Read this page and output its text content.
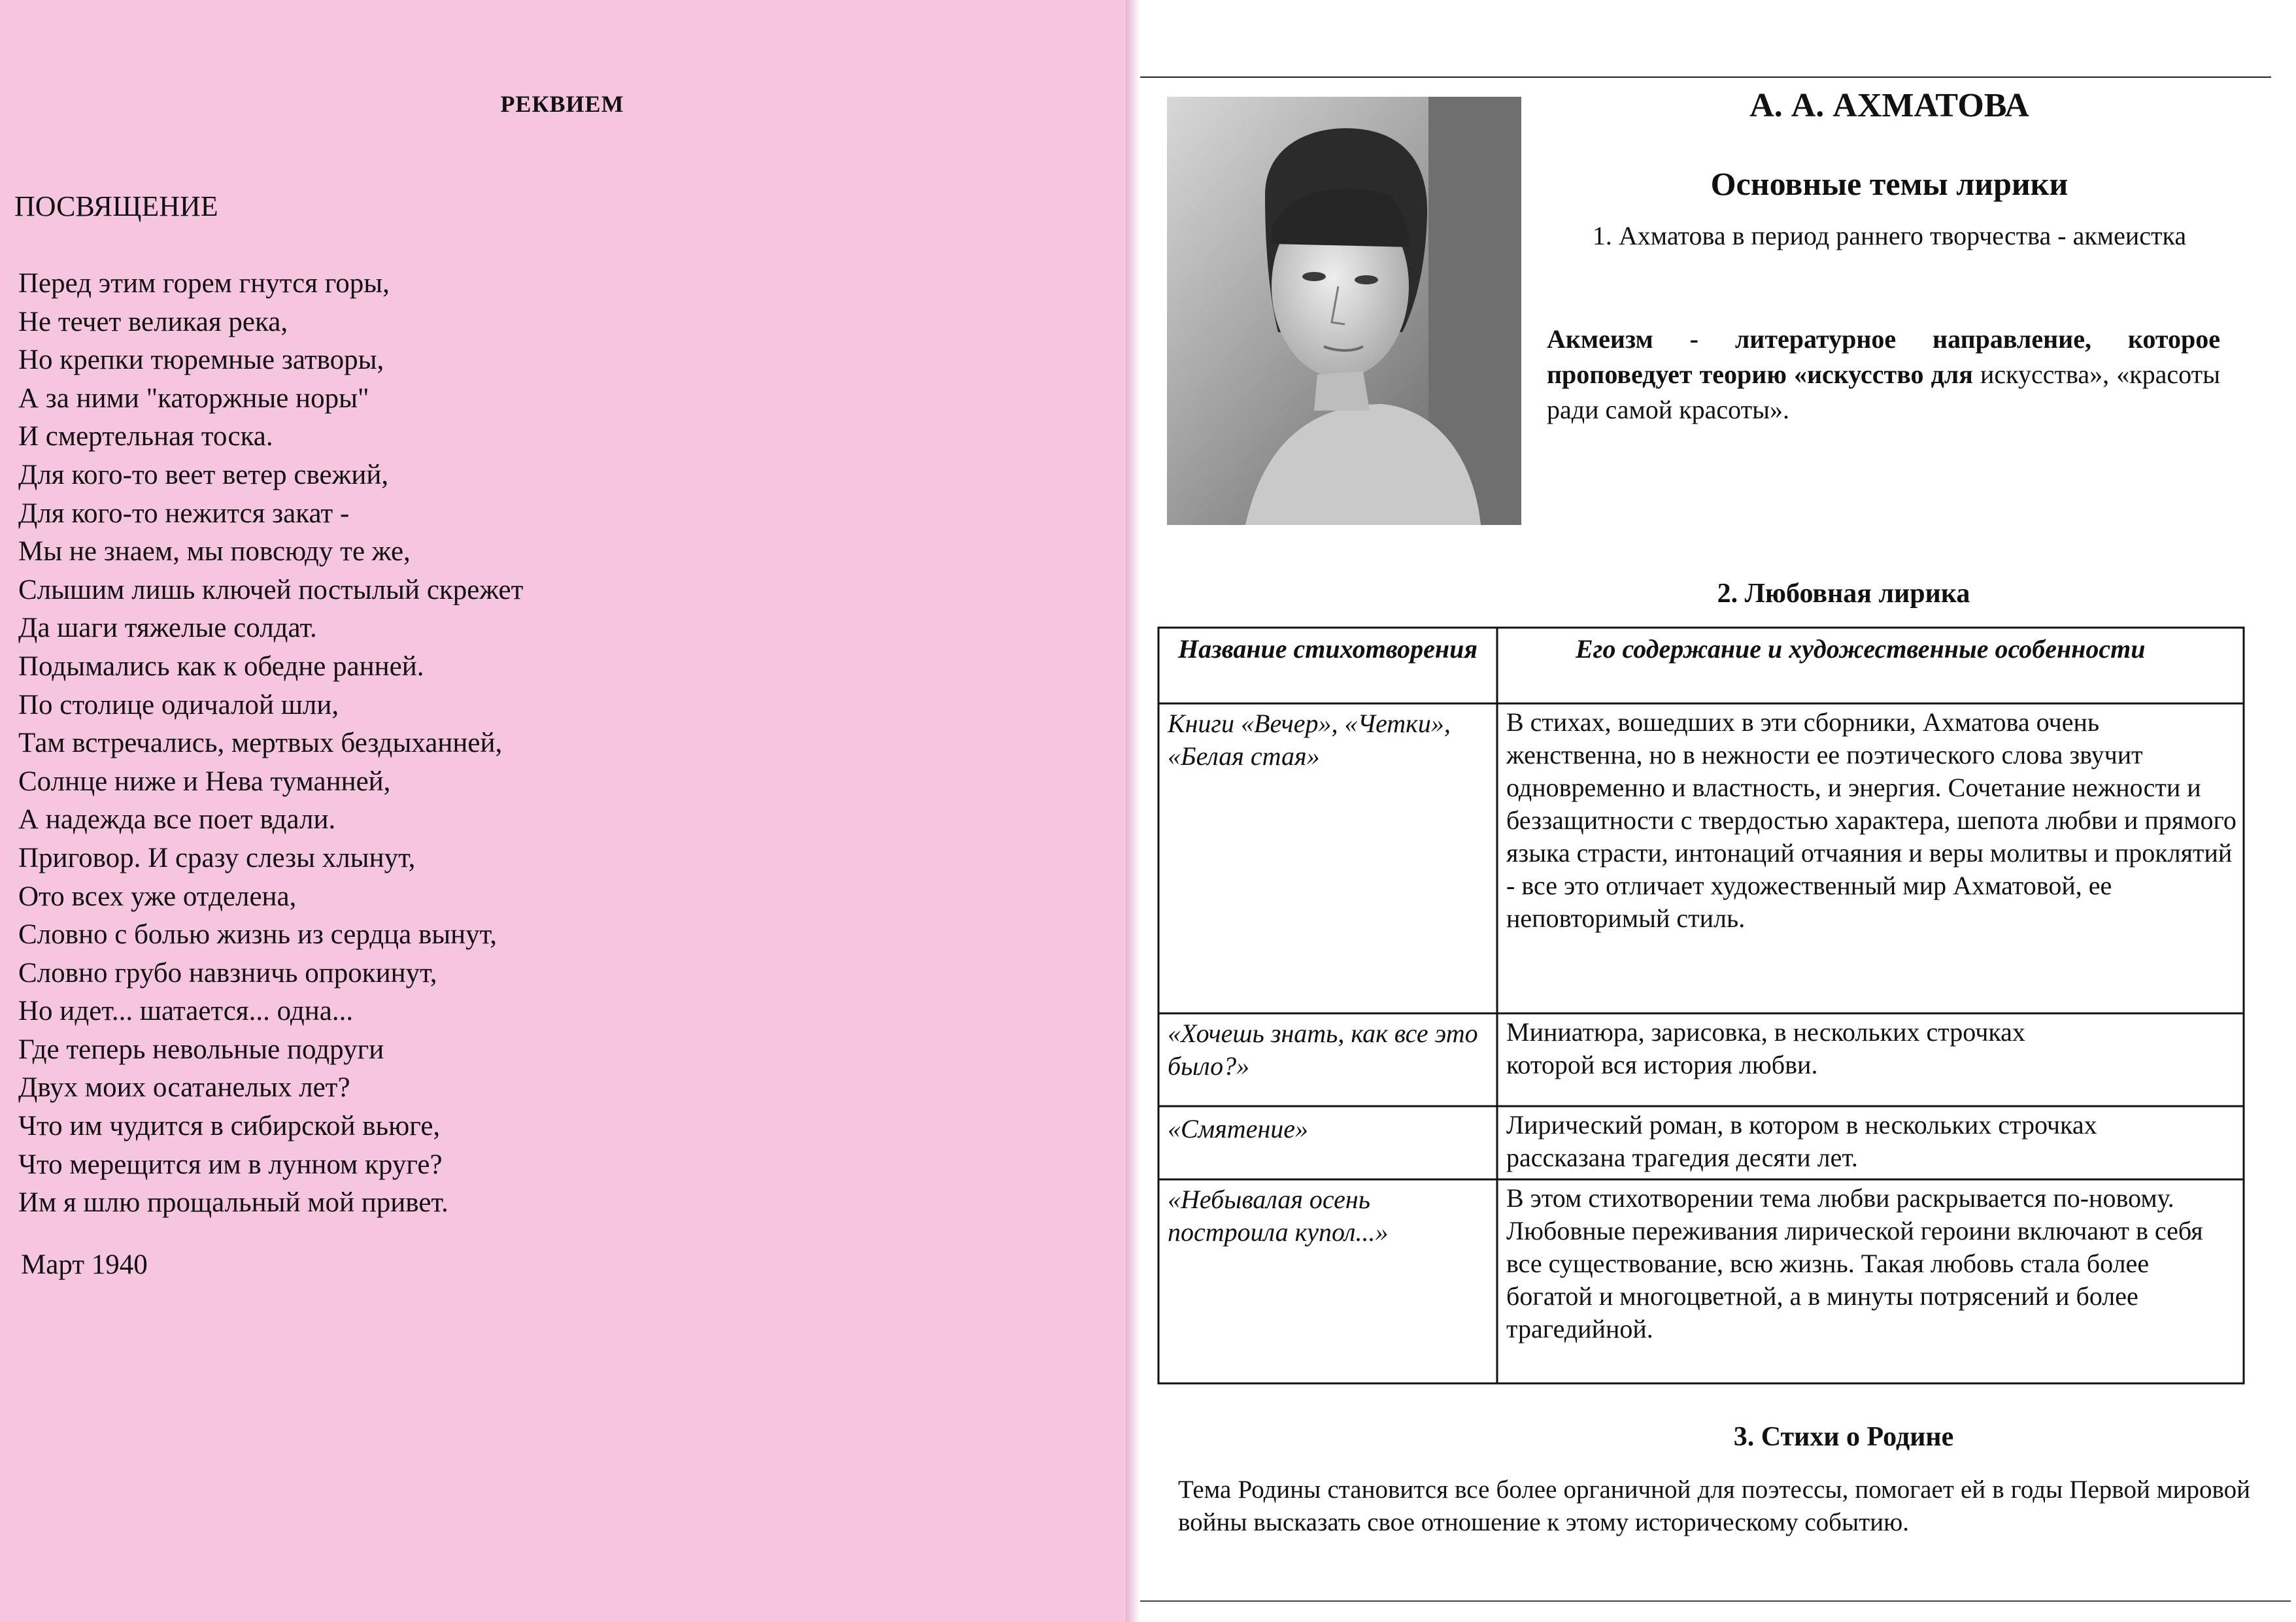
РЕКВИЕМ
ПОСВЯЩЕНИЕ
Перед этим горем гнутся горы,
Не течет великая река,
Но крепки тюремные затворы,
А за ними "каторжные норы"
И смертельная тоска.
Для кого-то веет ветер свежий,
Для кого-то нежится закат -
Мы не знаем, мы повсюду те же,
Слышим лишь ключей постылый скрежет
Да шаги тяжелые солдат.
Подымались как к обедне ранней.
По столице одичалой шли,
Там встречались, мертвых бездыханней,
Солнце ниже и Нева туманней,
А надежда все поет вдали.
Приговор. И сразу слезы хлынут,
Ото всех уже отделена,
Словно с болью жизнь из сердца вынут,
Словно грубо навзничь опрокинут,
Но идет... шатается... одна...
Где теперь невольные подруги
Двух моих осатанелых лет?
Что им чудится в сибирской вьюге,
Что мерещится им в лунном круге?
Им я шлю прощальный мой привет.
Март 1940
А. А. АХМАТОВА
Основные темы лирики
1. Ахматова в период раннего творчества - акмеистка
Акмеизм - литературное направление, которое проповедует теорию «искусство для искусства», «красоты ради самой красоты».
2. Любовная лирика
Название стихотворения	Его содержание и художественные особенности
Книги «Вечер», «Четки», «Белая стая»
В стихах, вошедших в эти сборники, Ахматова очень женственна, но в нежности ее поэтического слова звучит одновременно и властность, и энергия. Сочетание нежности и беззащитности с твердостью характера, шепота любви и прямого языка страсти, интонаций отчаяния и веры молитвы и проклятий - все это отличает художественный мир Ахматовой, ее неповторимый стиль.
«Хочешь знать, как все это было?»
Миниатюра, зарисовка, в нескольких строчках которой вся история любви.
«Смятение»	Лирический роман, в котором в нескольких строчках рассказана трагедия десяти лет.
«Небывалая осень построила купол...»
В этом стихотворении тема любви раскрывается по-новому. Любовные переживания лирической героини включают в себя все существование, всю жизнь. Такая любовь стала более богатой и многоцветной, а в минуты потрясений и более трагедийной.
3. Стихи о Родине
Тема Родины становится все более органичной для поэтессы, помогает ей в годы Первой мировой войны высказать свое отношение к этому историческому событию.
